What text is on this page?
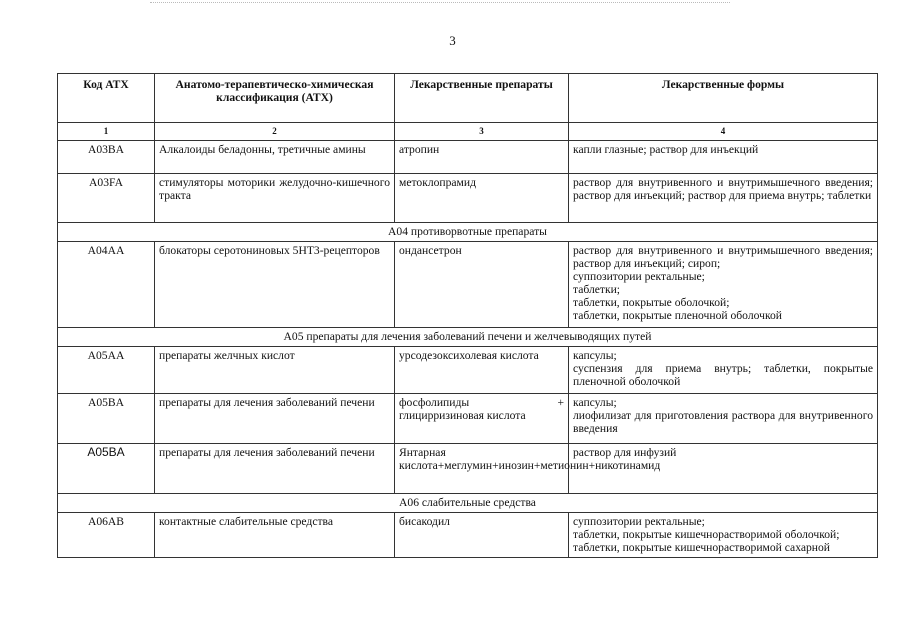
3
Код АТХ	Анатомо-терапевтическо-химическая классификация (АТХ)	Лекарственные препараты	Лекарственные формы
1	2	3	4
A03BA	Алкалоиды беладонны, третичные амины	атропин	капли глазные; раствор для инъекций

A03FA	стимуляторы моторики желудочно-кишечного тракта	метоклопрамид	раствор для внутривенного и внутримышечного введения; раствор для инъекций; раствор для приема внутрь; таблетки

A04 противорвотные препараты			
A04AA	блокаторы серотониновых 5НТ3-рецепторов	ондансетрон	раствор для внутривенного и внутримышечного введения; раствор для инъекций; сироп;
суппозитории ректальные;
таблетки;
таблетки, покрытые оболочкой;
таблетки, покрытые пленочной оболочкой

A05 препараты для лечения заболеваний печени и желчевыводящих путей			
A05AA	препараты желчных кислот	урсодезоксихолевая кислота	капсулы;
суспензия для приема внутрь; таблетки, покрытые пленочной оболочкой

A05BA	препараты для лечения заболеваний печени	фосфолипиды + глицирризиновая кислота	капсулы;
лиофилизат для приготовления раствора для внутривенного введения

A05BA	препараты для лечения заболеваний печени	Янтарная кислота+меглумин+инозин+метионин+никотинамид	раствор для инфузий

A06 слабительные средства			
A06AB	контактные слабительные средства	бисакодил	суппозитории ректальные;
таблетки, покрытые кишечнорастворимой оболочкой;
таблетки, покрытые кишечнорастворимой сахарной
